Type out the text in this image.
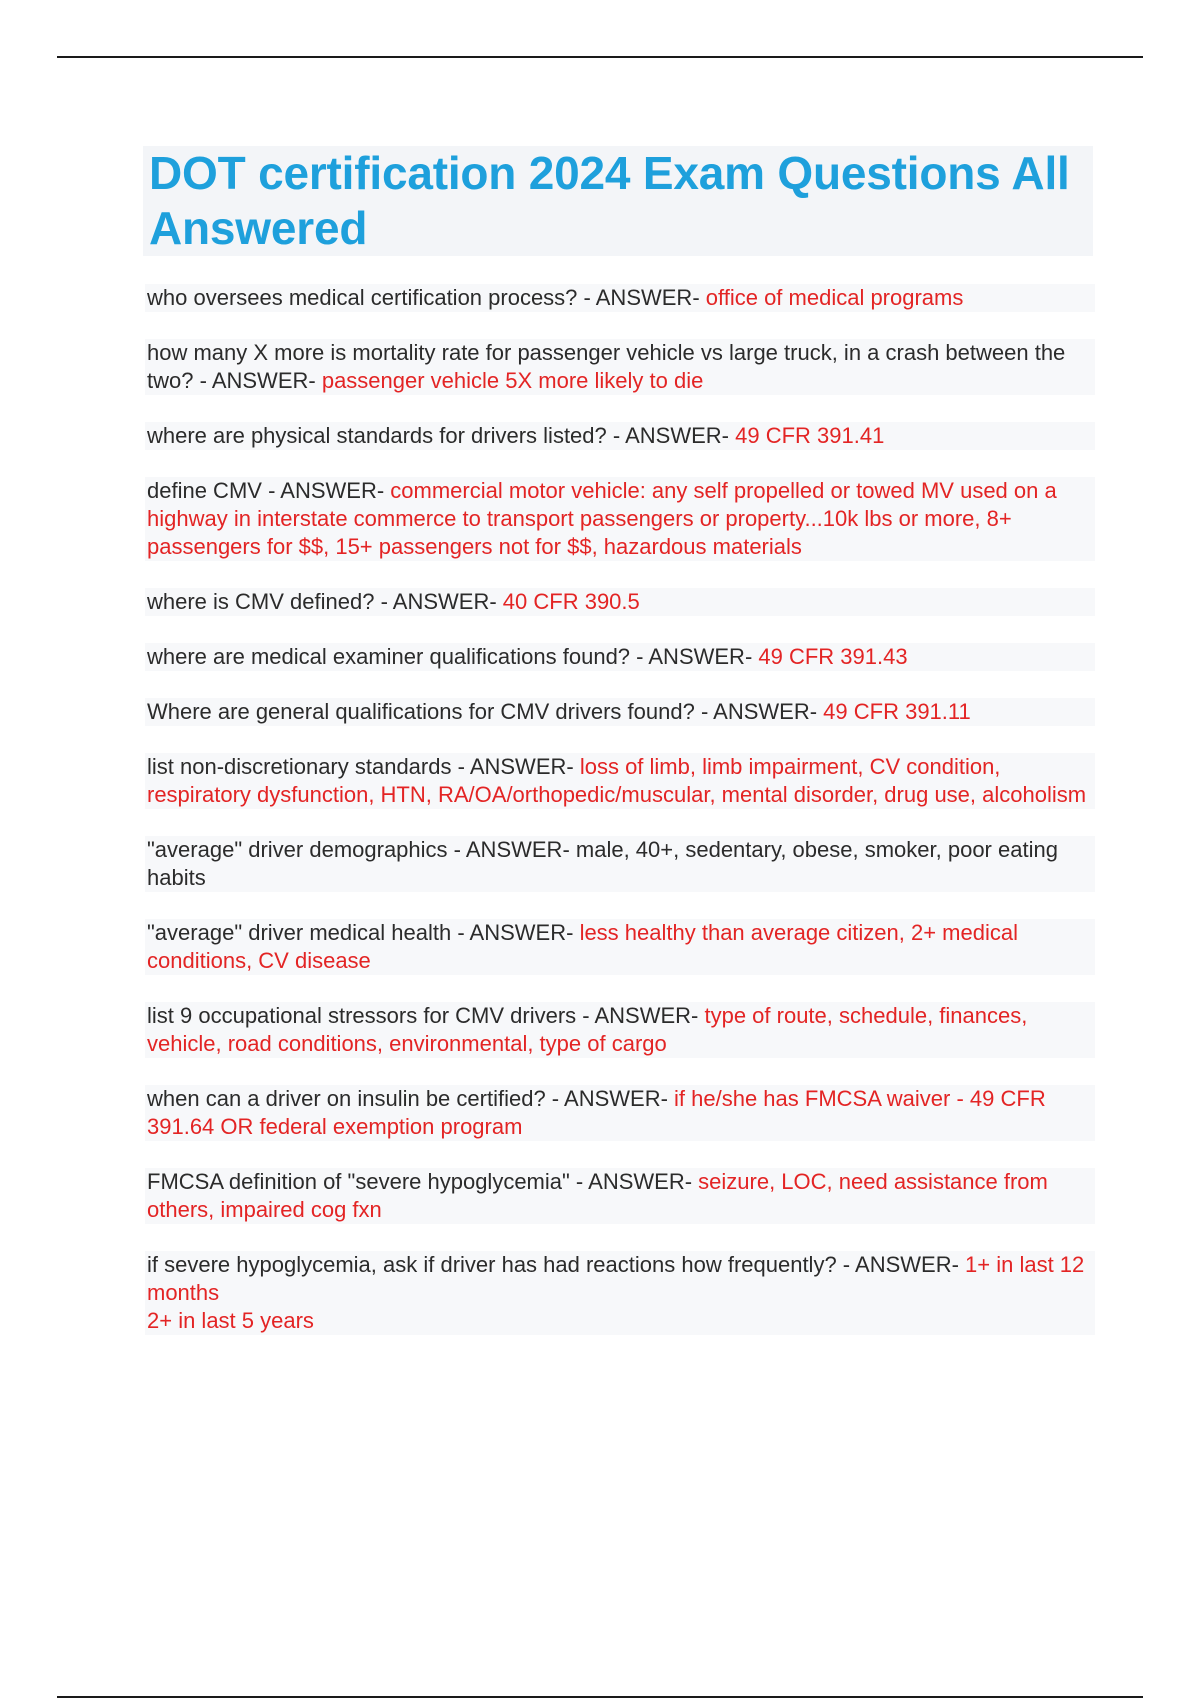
DOT certification 2024 Exam Questions All Answered

who oversees medical certification process? - ANSWER- office of medical programs

how many X more is mortality rate for passenger vehicle vs large truck, in a crash between the two? - ANSWER- passenger vehicle 5X more likely to die

where are physical standards for drivers listed? - ANSWER- 49 CFR 391.41

define CMV - ANSWER- commercial motor vehicle: any self propelled or towed MV used on a highway in interstate commerce to transport passengers or property...10k lbs or more, 8+ passengers for $$, 15+ passengers not for $$, hazardous materials

where is CMV defined? - ANSWER- 40 CFR 390.5

where are medical examiner qualifications found? - ANSWER- 49 CFR 391.43

Where are general qualifications for CMV drivers found? - ANSWER- 49 CFR 391.11

list non-discretionary standards - ANSWER- loss of limb, limb impairment, CV condition, respiratory dysfunction, HTN, RA/OA/orthopedic/muscular, mental disorder, drug use, alcoholism

"average" driver demographics - ANSWER- male, 40+, sedentary, obese, smoker, poor eating habits

"average" driver medical health - ANSWER- less healthy than average citizen, 2+ medical conditions, CV disease

list 9 occupational stressors for CMV drivers - ANSWER- type of route, schedule, finances, vehicle, road conditions, environmental, type of cargo

when can a driver on insulin be certified? - ANSWER- if he/she has FMCSA waiver - 49 CFR 391.64 OR federal exemption program

FMCSA definition of "severe hypoglycemia" - ANSWER- seizure, LOC, need assistance from others, impaired cog fxn

if severe hypoglycemia, ask if driver has had reactions how frequently? - ANSWER- 1+ in last 12 months
2+ in last 5 years
